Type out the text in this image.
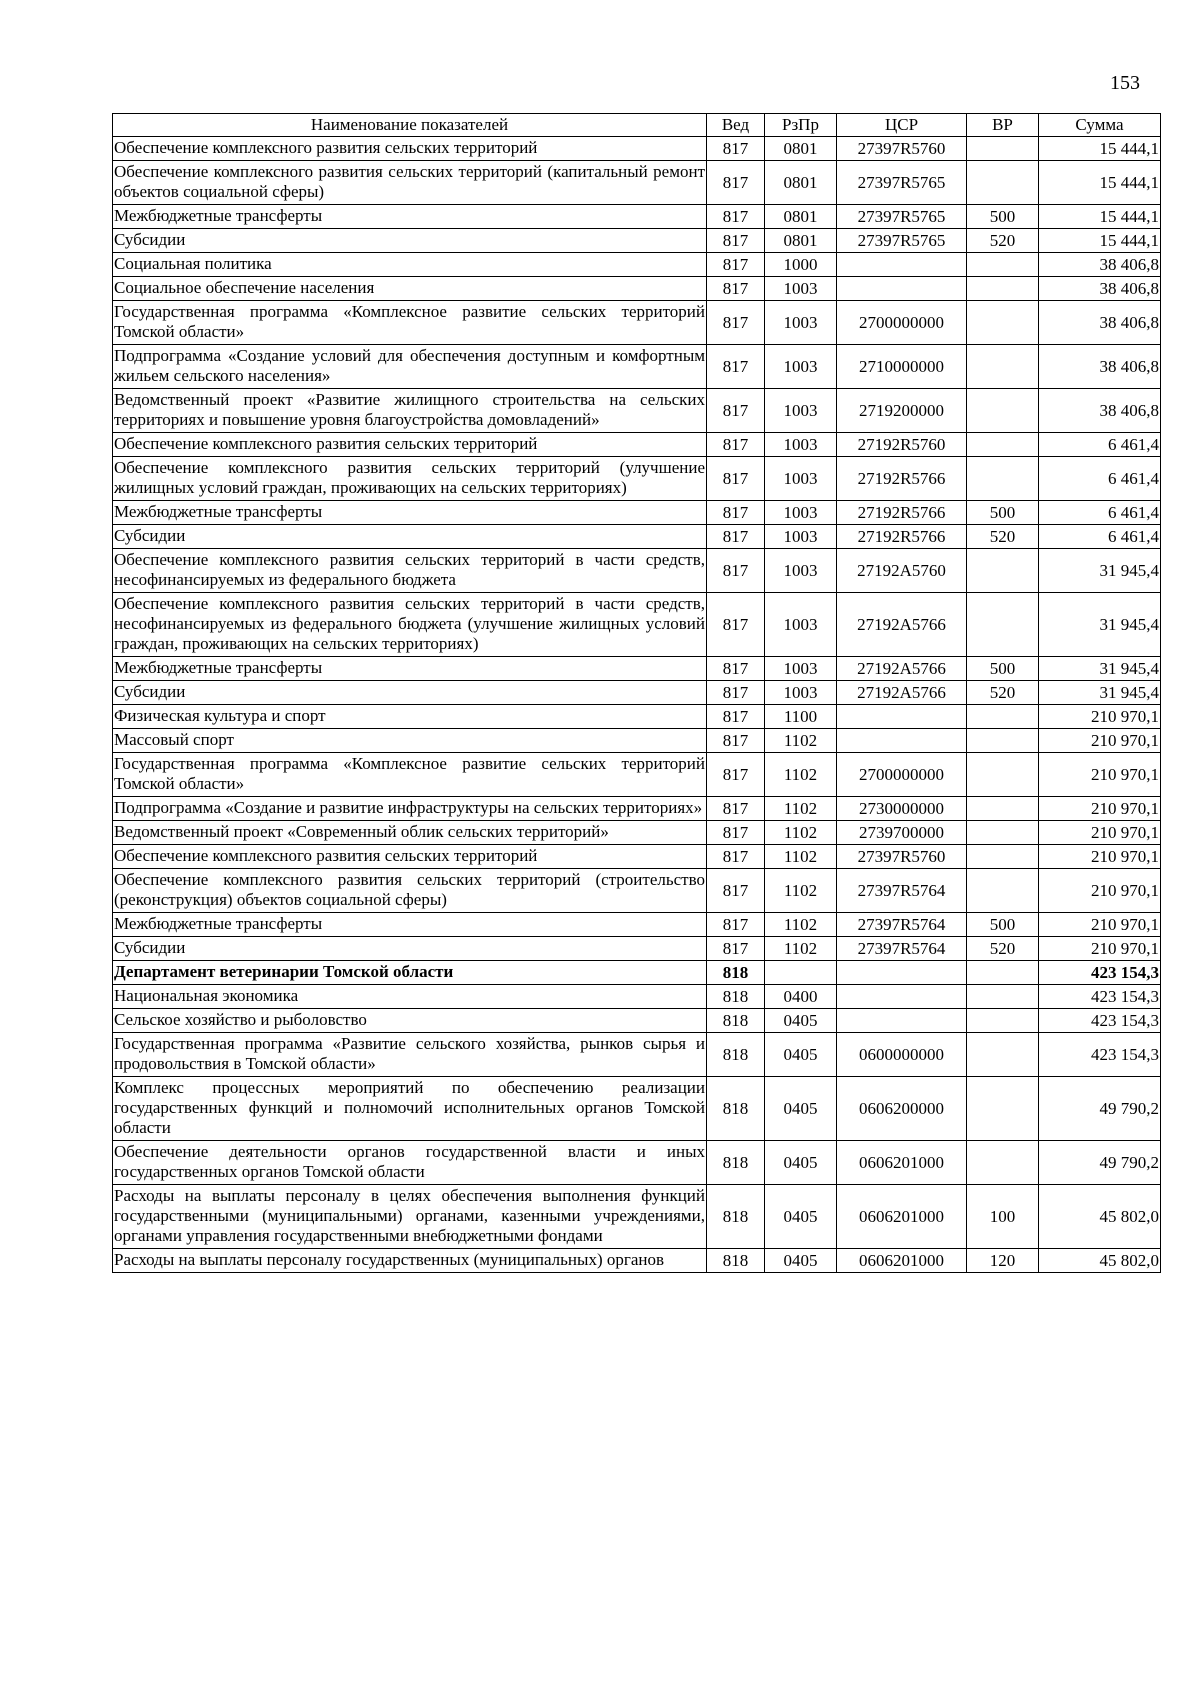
153
Наименование показателей	Вед	РзПр	ЦСР	ВР	Сумма
Обеспечение комплексного развития сельских территорий	817	0801	27397R5760		15 444,1
Обеспечение комплексного развития сельских территорий (капитальный ремонт объектов социальной сферы)	817	0801	27397R5765		15 444,1
Межбюджетные трансферты	817	0801	27397R5765	500	15 444,1
Субсидии	817	0801	27397R5765	520	15 444,1
Социальная политика	817	1000			38 406,8
Социальное обеспечение населения	817	1003			38 406,8
Государственная программа «Комплексное развитие сельских территорий Томской области»	817	1003	2700000000		38 406,8
Подпрограмма «Создание условий для обеспечения доступным и комфортным жильем сельского населения»	817	1003	2710000000		38 406,8
Ведомственный проект «Развитие жилищного строительства на сельских территориях и повышение уровня благоустройства домовладений»	817	1003	2719200000		38 406,8
Обеспечение комплексного развития сельских территорий	817	1003	27192R5760		6 461,4
Обеспечение комплексного развития сельских территорий (улучшение жилищных условий граждан, проживающих на сельских территориях)	817	1003	27192R5766		6 461,4
Межбюджетные трансферты	817	1003	27192R5766	500	6 461,4
Субсидии	817	1003	27192R5766	520	6 461,4
Обеспечение комплексного развития сельских территорий в части средств, несофинансируемых из федерального бюджета	817	1003	27192A5760		31 945,4
Обеспечение комплексного развития сельских территорий в части средств, несофинансируемых из федерального бюджета (улучшение жилищных условий граждан, проживающих на сельских территориях)	817	1003	27192A5766		31 945,4
Межбюджетные трансферты	817	1003	27192A5766	500	31 945,4
Субсидии	817	1003	27192A5766	520	31 945,4
Физическая культура и спорт	817	1100			210 970,1
Массовый спорт	817	1102			210 970,1
Государственная программа «Комплексное развитие сельских территорий Томской области»	817	1102	2700000000		210 970,1
Подпрограмма «Создание и развитие инфраструктуры на сельских территориях»	817	1102	2730000000		210 970,1
Ведомственный проект «Современный облик сельских территорий»	817	1102	2739700000		210 970,1
Обеспечение комплексного развития сельских территорий	817	1102	27397R5760		210 970,1
Обеспечение комплексного развития сельских территорий (строительство (реконструкция) объектов социальной сферы)	817	1102	27397R5764		210 970,1
Межбюджетные трансферты	817	1102	27397R5764	500	210 970,1
Субсидии	817	1102	27397R5764	520	210 970,1
Департамент ветеринарии Томской области	818				423 154,3
Национальная экономика	818	0400			423 154,3
Сельское хозяйство и рыболовство	818	0405			423 154,3
Государственная программа «Развитие сельского хозяйства, рынков сырья и продовольствия в Томской области»	818	0405	0600000000		423 154,3
Комплекс процессных мероприятий по обеспечению реализации государственных функций и полномочий исполнительных органов Томской области	818	0405	0606200000		49 790,2
Обеспечение деятельности органов государственной власти и иных государственных органов Томской области	818	0405	0606201000		49 790,2
Расходы на выплаты персоналу в целях обеспечения выполнения функций государственными (муниципальными) органами, казенными учреждениями, органами управления государственными внебюджетными фондами	818	0405	0606201000	100	45 802,0
Расходы на выплаты персоналу государственных (муниципальных) органов	818	0405	0606201000	120	45 802,0
